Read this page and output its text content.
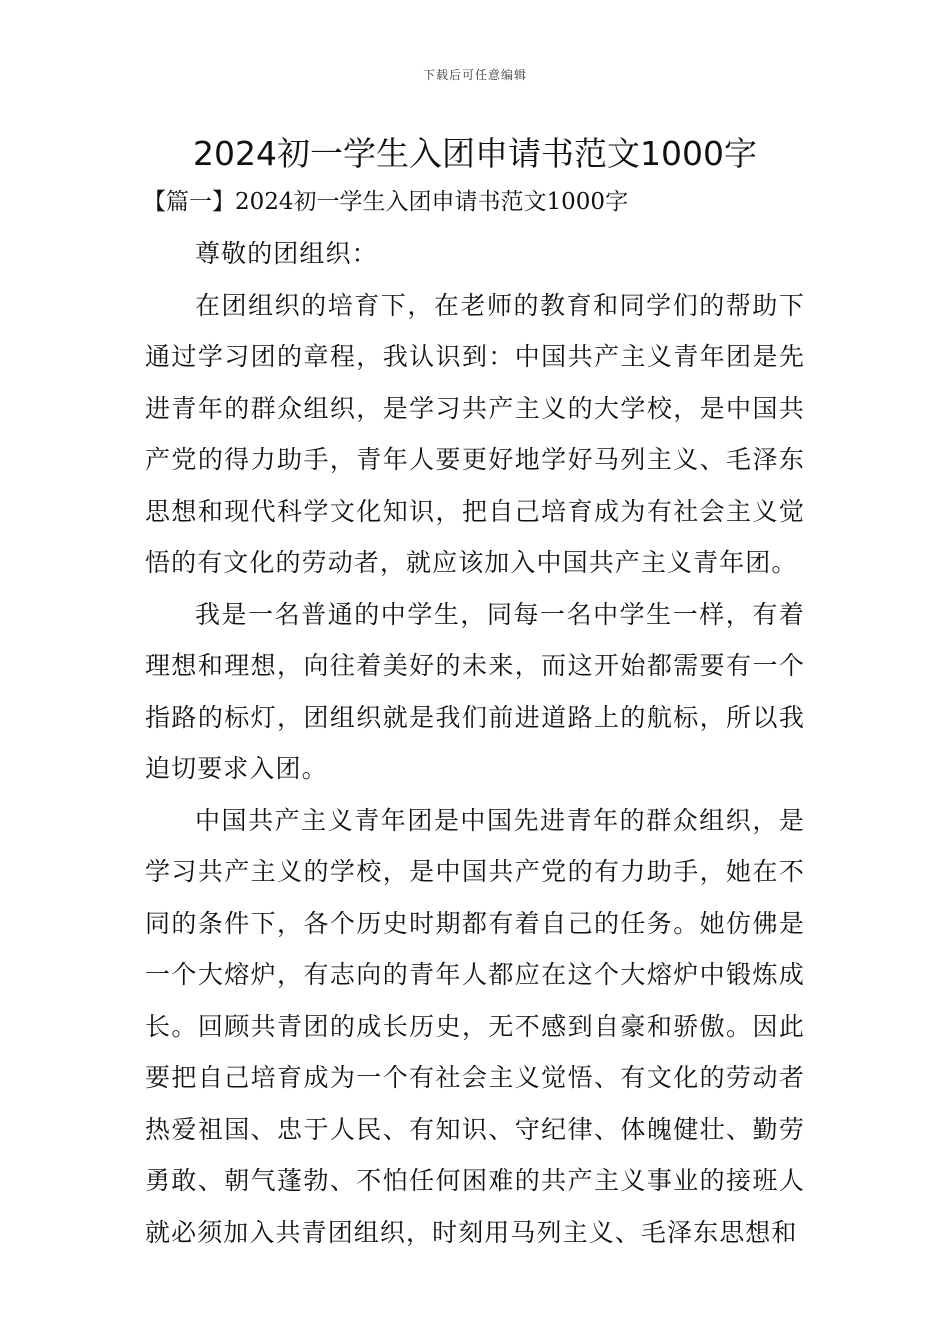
下载后可任意编辑
2024初一学生入团申请书范文1000字
【篇一】2024初一学生入团申请书范文1000字

尊敬的团组织：

在团组织的培育下，在老师的教育和同学们的帮助下通过学习团的章程，我认识到：中国共产主义青年团是先进青年的群众组织，是学习共产主义的大学校，是中国共产党的得力助手，青年人要更好地学好马列主义、毛泽东思想和现代科学文化知识，把自己培育成为有社会主义觉悟的有文化的劳动者，就应该加入中国共产主义青年团。

我是一名普通的中学生，同每一名中学生一样，有着理想和理想，向往着美好的未来，而这开始都需要有一个指路的标灯，团组织就是我们前进道路上的航标，所以我迫切要求入团。

中国共产主义青年团是中国先进青年的群众组织，是学习共产主义的学校，是中国共产党的有力助手，她在不同的条件下，各个历史时期都有着自己的任务。她仿佛是一个大熔炉，有志向的青年人都应在这个大熔炉中锻炼成长。回顾共青团的成长历史，无不感到自豪和骄傲。因此要把自己培育成为一个有社会主义觉悟、有文化的劳动者热爱祖国、忠于人民、有知识、守纪律、体魄健壮、勤劳勇敢、朝气蓬勃、不怕任何困难的共产主义事业的接班人就必须加入共青团组织，时刻用马列主义、毛泽东思想和
